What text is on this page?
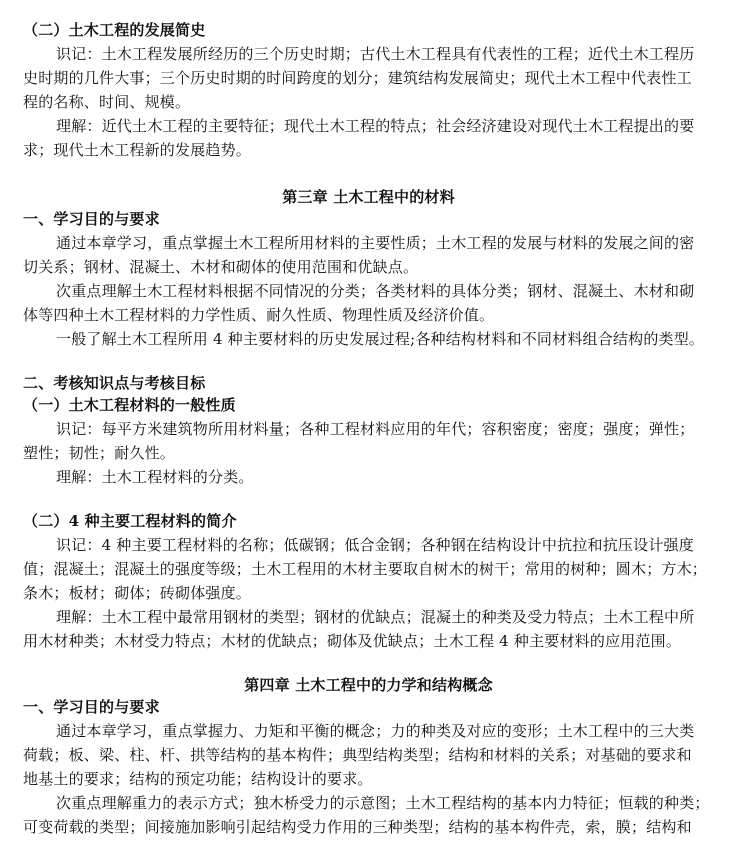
（二）土木工程的发展简史
识记：土木工程发展所经历的三个历史时期；古代土木工程具有代表性的工程；近代土木工程历
史时期的几件大事；三个历史时期的时间跨度的划分；建筑结构发展简史；现代土木工程中代表性工
程的名称、时间、规模。
理解：近代土木工程的主要特征；现代土木工程的特点；社会经济建设对现代土木工程提出的要
求；现代土木工程新的发展趋势。
第三章 土木工程中的材料
一、学习目的与要求
通过本章学习，重点掌握土木工程所用材料的主要性质；土木工程的发展与材料的发展之间的密
切关系；钢材、混凝土、木材和砌体的使用范围和优缺点。
次重点理解土木工程材料根据不同情况的分类；各类材料的具体分类；钢材、混凝土、木材和砌
体等四种土木工程材料的力学性质、耐久性质、物理性质及经济价值。
一般了解土木工程所用 4 种主要材料的历史发展过程;各种结构材料和不同材料组合结构的类型。
二、考核知识点与考核目标
（一）土木工程材料的一般性质
识记：每平方米建筑物所用材料量；各种工程材料应用的年代；容积密度；密度；强度；弹性；
塑性；韧性；耐久性。
理解：土木工程材料的分类。
（二）4 种主要工程材料的简介
识记：4 种主要工程材料的名称；低碳钢；低合金钢；各种钢在结构设计中抗拉和抗压设计强度
值；混凝土；混凝土的强度等级；土木工程用的木材主要取自树木的树干；常用的树种；圆木；方木；
条木；板材；砌体；砖砌体强度。
理解：土木工程中最常用钢材的类型；钢材的优缺点；混凝土的种类及受力特点；土木工程中所
用木材种类；木材受力特点；木材的优缺点；砌体及优缺点；土木工程 4 种主要材料的应用范围。
第四章 土木工程中的力学和结构概念
一、学习目的与要求
通过本章学习，重点掌握力、力矩和平衡的概念；力的种类及对应的变形；土木工程中的三大类
荷载；板、梁、柱、杆、拱等结构的基本构件；典型结构类型；结构和材料的关系；对基础的要求和
地基土的要求；结构的预定功能；结构设计的要求。
次重点理解重力的表示方式；独木桥受力的示意图；土木工程结构的基本内力特征；恒载的种类；
可变荷载的类型；间接施加影响引起结构受力作用的三种类型；结构的基本构件壳，索，膜；结构和
